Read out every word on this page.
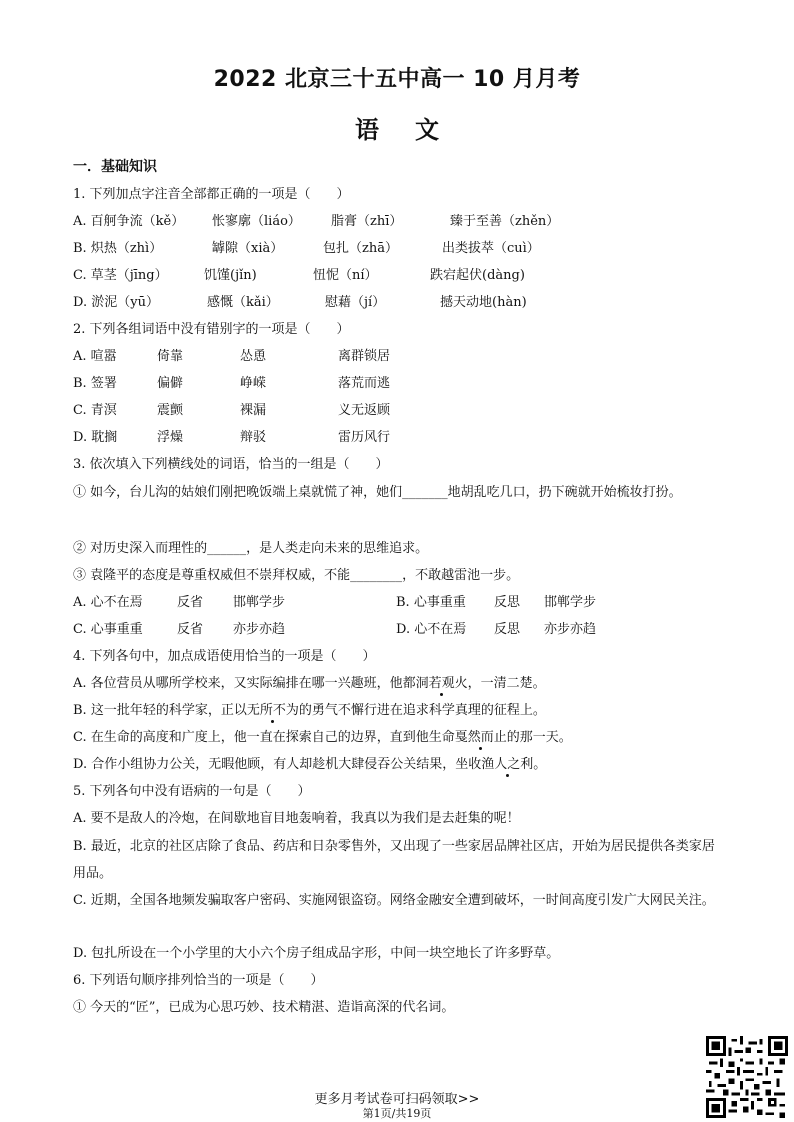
2022 北京三十五中高一 10 月月考
语文
一．基础知识
1. 下列加点字注音全部都正确的一项是（　　）
A. 百舸争流（kě） 怅寥廓（liáo） 脂膏（zhī）	臻于至善（zhěn）
B. 炽热（zhì）	罅隙（xià）	包扎（zhā）	出类拔萃（cuì）
C. 草茎（jīng）	饥馑(jǐn)	忸怩（ní）	跌宕起伏(dàng)
D. 淤泥（yū）	感慨（kǎi）	慰藉（jí）	撼天动地(hàn)
2. 下列各组词语中没有错别字的一项是（　　）
A. 喧嚣	倚靠	怂恿	离群锁居
B. 签署	偏僻	峥嵘	落荒而逃
C. 青溟	震颤	裸漏	义无返顾
D. 耽搁	浮燥	辩驳	雷历风行
3. 依次填入下列横线处的词语，恰当的一组是（　　）
① 如今，台儿沟的姑娘们刚把晚饭端上桌就慌了神，她们_______地胡乱吃几口，扔下碗就开始梳妆打扮。
② 对历史深入而理性的______，是人类走向未来的思维追求。
③ 袁隆平的态度是尊重权威但不崇拜权威，不能________，不敢越雷池一步。
A. 心不在焉	反省 邯郸学步	B. 心事重重 反思 邯郸学步
C. 心事重重	反省 亦步亦趋	D. 心不在焉 反思 亦步亦趋
4. 下列各句中，加点成语使用恰当的一项是（　　）
A. 各位营员从哪所学校来，又实际编排在哪一兴趣班，他都洞若观火，一清二楚。
B. 这一批年轻的科学家，正以无所不为的勇气不懈行进在追求科学真理的征程上。
C. 在生命的高度和广度上，他一直在探索自己的边界，直到他生命戛然而止的那一天。
D. 合作小组协力公关，无暇他顾，有人却趁机大肆侵吞公关结果，坐收渔人之利。
5. 下列各句中没有语病的一句是（　　）
A. 要不是敌人的冷炮，在间歇地盲目地轰响着，我真以为我们是去赶集的呢！
B. 最近，北京的社区店除了食品、药店和日杂零售外，又出现了一些家居品牌社区店，开始为居民提供各类家居用品。
C. 近期，全国各地频发骗取客户密码、实施网银盗窃。网络金融安全遭到破坏，一时间高度引发广大网民关注。
D. 包扎所设在一个小学里的大小六个房子组成品字形，中间一块空地长了许多野草。
6. 下列语句顺序排列恰当的一项是（　　）
① 今天的“匠”，已成为心思巧妙、技术精湛、造诣高深的代名词。
更多月考试卷可扫码领取>>
第1页/共19页
